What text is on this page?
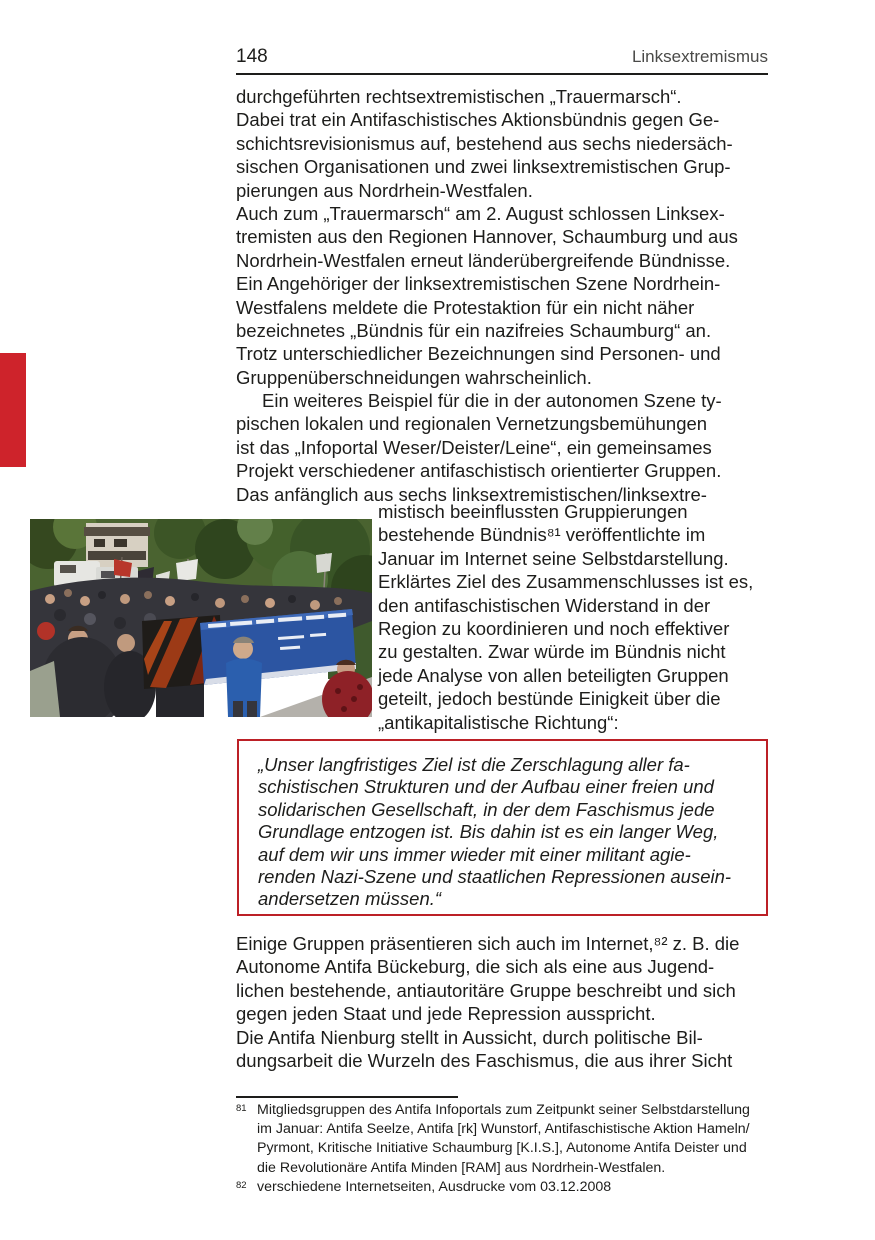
148	Linksextremismus
durchgeführten rechtsextremistischen „Trauermarsch“.
Dabei trat ein Antifaschistisches Aktionsbündnis gegen Ge-
schichtsrevisionismus auf, bestehend aus sechs niedersäch-
sischen Organisationen und zwei linksextremistischen Grup-
pierungen aus Nordrhein-Westfalen.
Auch zum „Trauermarsch“ am 2. August schlossen Linksex-
tremisten aus den Regionen Hannover, Schaumburg und aus
Nordrhein-Westfalen erneut länderübergreifende Bündnisse.
Ein Angehöriger der linksextremistischen Szene Nordrhein-
Westfalens meldete die Protestaktion für ein nicht näher
bezeichnetes „Bündnis für ein nazifreies Schaumburg“ an.
Trotz unterschiedlicher Bezeichnungen sind Personen- und
Gruppenüberschneidungen wahrscheinlich.
Ein weiteres Beispiel für die in der autonomen Szene ty-
pischen lokalen und regionalen Vernetzungsbemühungen
ist das „Infoportal Weser/Deister/Leine“, ein gemeinsames
Projekt verschiedener antifaschistisch orientierter Gruppen.
Das anfänglich aus sechs linksextremistischen/linksextre-
mistisch beeinflussten Gruppierungen
bestehende Bündnis⁸¹ veröffentlichte im
Januar im Internet seine Selbstdarstellung.
Erklärtes Ziel des Zusammenschlusses ist es,
den antifaschistischen Widerstand in der
Region zu koordinieren und noch effektiver
zu gestalten. Zwar würde im Bündnis nicht
jede Analyse von allen beteiligten Gruppen
geteilt, jedoch bestünde Einigkeit über die
„antikapitalistische Richtung“:
„Unser langfristiges Ziel ist die Zerschlagung aller fa-
schistischen Strukturen und der Aufbau einer freien und
solidarischen Gesellschaft, in der dem Faschismus jede
Grundlage entzogen ist. Bis dahin ist es ein langer Weg,
auf dem wir uns immer wieder mit einer militant agie-
renden Nazi-Szene und staatlichen Repressionen ausein-
andersetzen müssen.“
Einige Gruppen präsentieren sich auch im Internet,⁸² z. B. die
Autonome Antifa Bückeburg, die sich als eine aus Jugend-
lichen bestehende, antiautoritäre Gruppe beschreibt und sich
gegen jeden Staat und jede Repression ausspricht.
Die Antifa Nienburg stellt in Aussicht, durch politische Bil-
dungsarbeit die Wurzeln des Faschismus, die aus ihrer Sicht
81 Mitgliedsgruppen des Antifa Infoportals zum Zeitpunkt seiner Selbstdarstellung
im Januar: Antifa Seelze, Antifa [rk] Wunstorf, Antifaschistische Aktion Hameln/
Pyrmont, Kritische Initiative Schaumburg [K.I.S.], Autonome Antifa Deister und
die Revolutionäre Antifa Minden [RAM] aus Nordrhein-Westfalen.
82 verschiedene Internetseiten, Ausdrucke vom 03.12.2008
